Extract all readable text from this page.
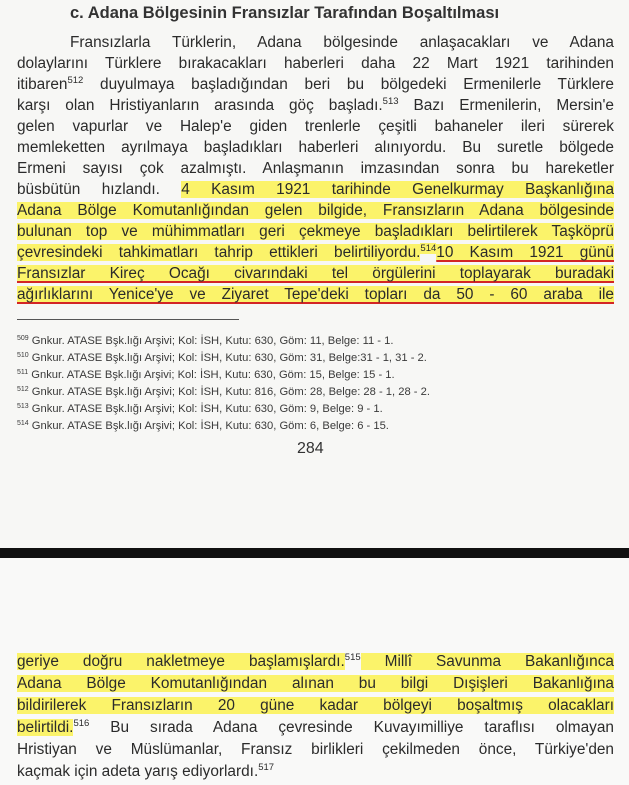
c. Adana Bölgesinin Fransızlar Tarafından Boşaltılması
Fransızlarla Türklerin, Adana bölgesinde anlaşacakları ve Adana
dolaylarını Türklere bırakacakları haberleri daha 22 Mart 1921 tarihinden
itibaren$^{512}$ duyulmaya başladığından beri bu bölgedeki Ermenilerle Türklere
karşı olan Hristiyanların arasında göç başladı.$^{513}$ Bazı Ermenilerin, Mersin'e
gelen vapurlar ve Halep'e giden trenlerle çeşitli bahaneler ileri sürerek
memleketten ayrılmaya başladıkları haberleri alınıyordu. Bu suretle bölgede
Ermeni sayısı çok azalmıştı. Anlaşmanın imzasından sonra bu hareketler
büsbütün hızlandı. 4 Kasım 1921 tarihinde Genelkurmay Başkanlığına
Adana Bölge Komutanlığından gelen bilgide, Fransızların Adana bölgesinde
bulunan top ve mühimmatları geri çekmeye başladıkları belirtilerek Taşköprü
çevresindeki tahkimatları tahrip ettikleri belirtiliyordu.$^{514}$10 Kasım 1921 günü
Fransızlar Kireç Ocağı civarındaki tel örgülerini toplayarak buradaki
ağırlıklarını Yenice'ye ve Ziyaret Tepe'deki topları da 50 - 60 araba ile
$^{509}$ Gnkur. ATASE Bşk.lığı Arşivi; Kol: İSH, Kutu: 630, Göm: 11, Belge: 11 - 1.
$^{510}$ Gnkur. ATASE Bşk.lığı Arşivi; Kol: İSH, Kutu: 630, Göm: 31, Belge:31 - 1, 31 - 2.
$^{511}$ Gnkur. ATASE Bşk.lığı Arşivi; Kol: İSH, Kutu: 630, Göm: 15, Belge: 15 - 1.
$^{512}$ Gnkur. ATASE Bşk.lığı Arşivi; Kol: İSH, Kutu: 816, Göm: 28, Belge: 28 - 1, 28 - 2.
$^{513}$ Gnkur. ATASE Bşk.lığı Arşivi; Kol: İSH, Kutu: 630, Göm: 9, Belge: 9 - 1.
$^{514}$ Gnkur. ATASE Bşk.lığı Arşivi; Kol: İSH, Kutu: 630, Göm: 6, Belge: 6 - 15.
284
geriye doğru nakletmeye başlamışlardı.$^{515}$ Millî Savunma Bakanlığınca
Adana Bölge Komutanlığından alınan bu bilgi Dışişleri Bakanlığına
bildirilerek Fransızların 20 güne kadar bölgeyi boşaltmış olacakları
belirtildi.$^{516}$ Bu sırada Adana çevresinde Kuvayımilliye taraflısı olmayan
Hristiyan ve Müslümanlar, Fransız birlikleri çekilmeden önce, Türkiye'den
kaçmak için adeta yarış ediyorlardı.$^{517}$
